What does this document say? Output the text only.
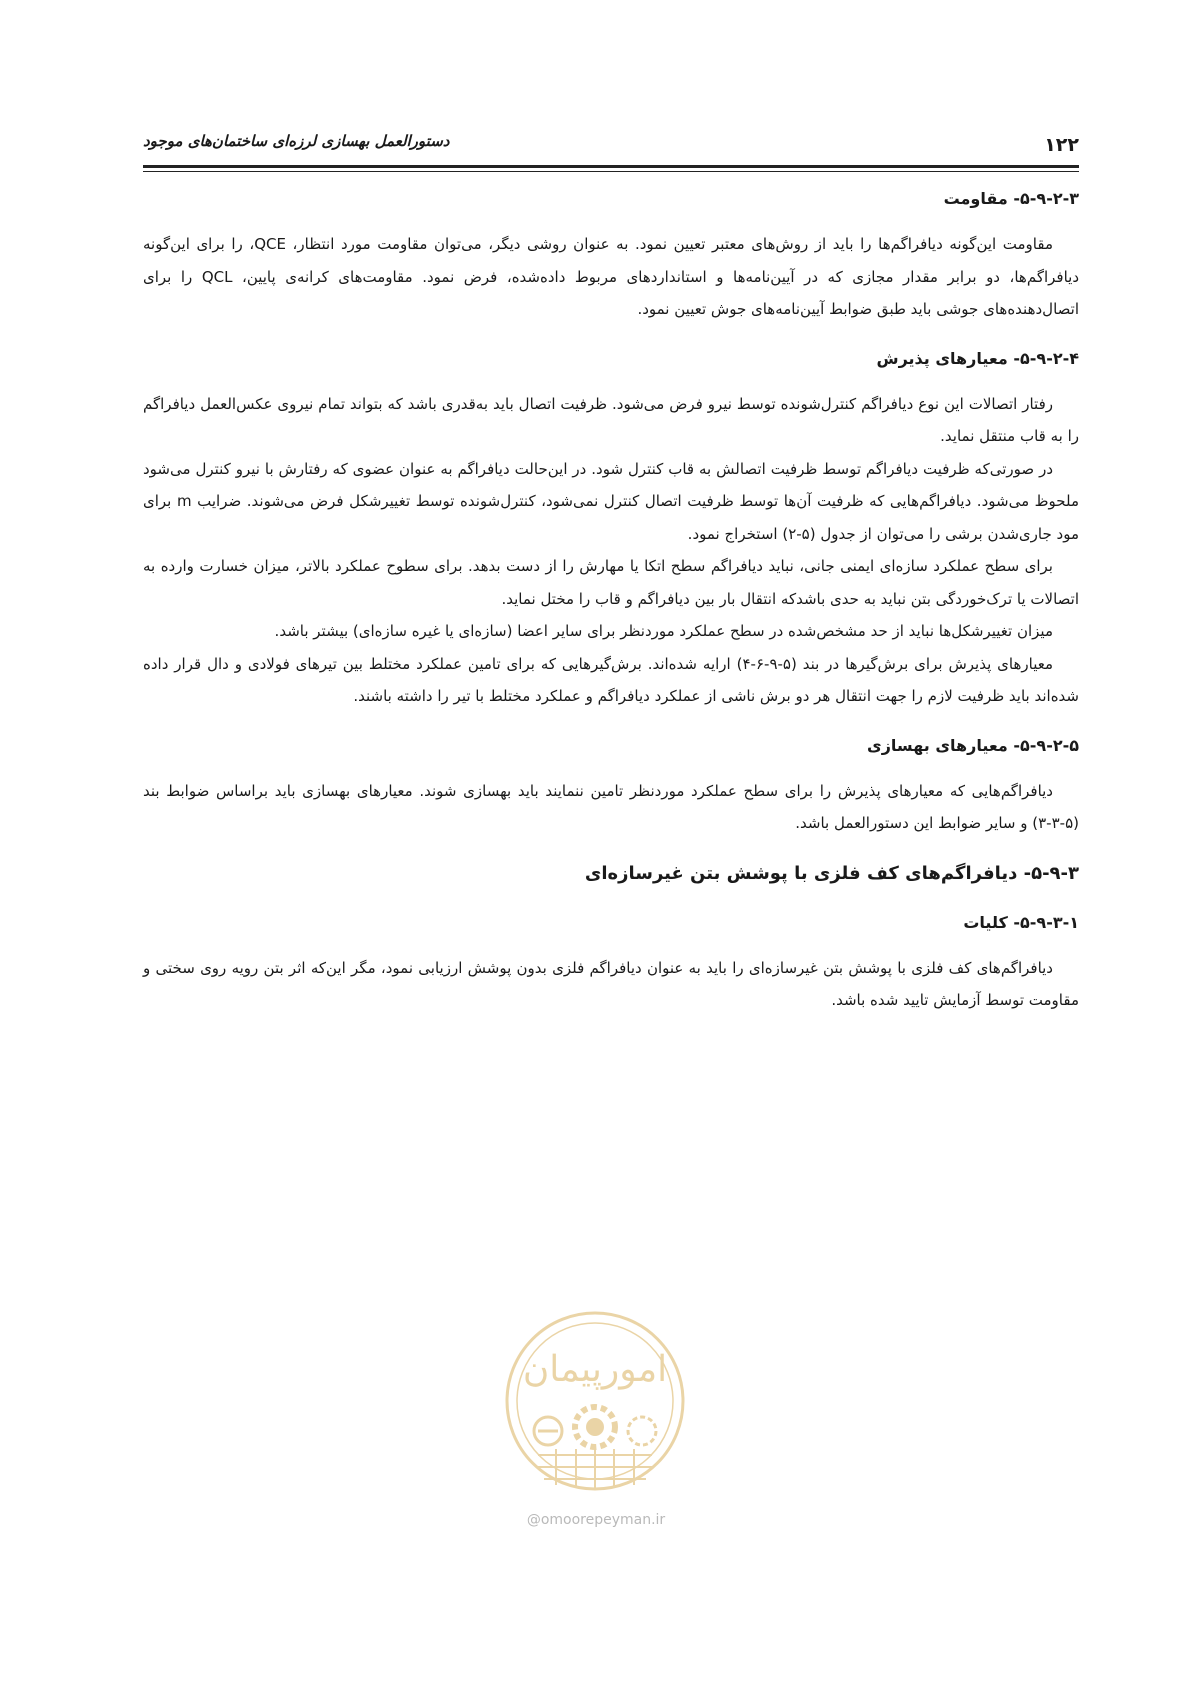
۱۲۲
دستورالعمل بهسازی لرزه‌ای ساختمان‌های موجود
۵-۹-۲-۳- مقاومت

مقاومت این‌گونه دیافراگم‌ها را باید از روش‌های معتبر تعیین نمود. به عنوان روشی دیگر، می‌توان مقاومت مورد انتظار، QCE، را برای این‌گونه دیافراگم‌ها، دو برابر مقدار مجازی که در آیین‌نامه‌ها و استانداردهای مربوط داده‌شده، فرض نمود. مقاومت‌های کرانه‌ی پایین، QCL را برای اتصال‌دهنده‌های جوشی باید طبق ضوابط آیین‌نامه‌های جوش تعیین نمود.

۵-۹-۲-۴- معیارهای پذیرش

رفتار اتصالات این نوع دیافراگم کنترل‌شونده توسط نیرو فرض می‌شود. ظرفیت اتصال باید به‌قدری باشد که بتواند تمام نیروی عکس‌العمل دیافراگم را به قاب منتقل نماید.

در صورتی‌که ظرفیت دیافراگم توسط ظرفیت اتصالش به قاب کنترل شود. در این‌حالت دیافراگم به عنوان عضوی که رفتارش با نیرو کنترل می‌شود ملحوظ می‌شود. دیافراگم‌هایی که ظرفیت آن‌ها توسط ظرفیت اتصال کنترل نمی‌شود، کنترل‌شونده توسط تغییرشکل فرض می‌شوند. ضرایب m برای مود جاری‌شدن برشی را می‌توان از جدول (۵-۲) استخراج نمود.

برای سطح عملکرد سازه‌ای ایمنی جانی، نباید دیافراگم سطح اتکا یا مهارش را از دست بدهد. برای سطوح عملکرد بالاتر، میزان خسارت وارده به اتصالات یا ترک‌خوردگی بتن نباید به حدی باشدکه انتقال بار بین دیافراگم و قاب را مختل نماید.

میزان تغییرشکل‌ها نباید از حد مشخص‌شده در سطح عملکرد موردنظر برای سایر اعضا (سازه‌ای یا غیره سازه‌ای) بیشتر باشد.

معیارهای پذیرش برای برش‌گیرها در بند (۵-۹-۶-۴) ارایه شده‌اند. برش‌گیرهایی که برای تامین عملکرد مختلط بین تیرهای فولادی و دال قرار داده شده‌اند باید ظرفیت لازم را جهت انتقال هر دو برش ناشی از عملکرد دیافراگم و عملکرد مختلط با تیر را داشته باشند.

۵-۹-۲-۵- معیارهای بهسازی

دیافراگم‌هایی که معیارهای پذیرش را برای سطح عملکرد موردنظر تامین ننمایند باید بهسازی شوند. معیارهای بهسازی باید براساس ضوابط بند (۵-۳-۳) و سایر ضوابط این دستورالعمل باشد.

۵-۹-۳- دیافراگم‌های کف فلزی با پوشش بتن غیرسازه‌ای
۵-۹-۳-۱- کلیات

دیافراگم‌های کف فلزی با پوشش بتن غیرسازه‌ای را باید به عنوان دیافراگم فلزی بدون پوشش ارزیابی نمود، مگر این‌که اثر بتن رویه روی سختی و مقاومت توسط آزمایش تایید شده باشد.

امورپیمان
@omoorepeyman.ir
